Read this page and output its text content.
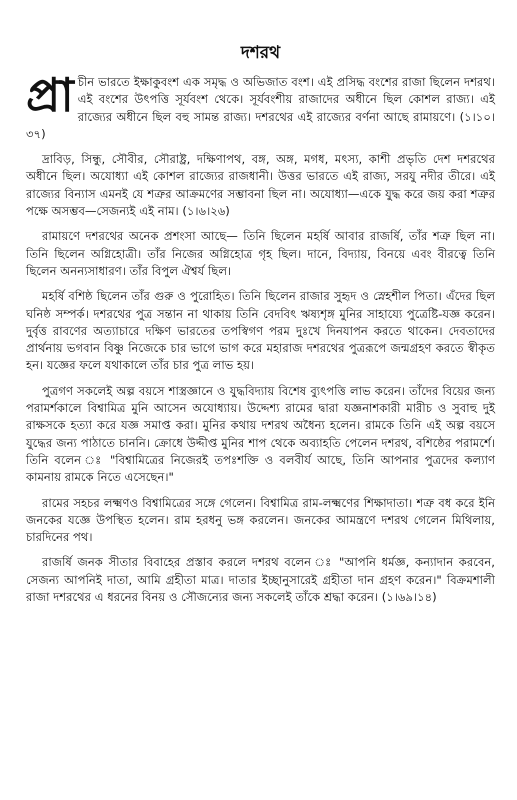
দশরথ

প্রা চীন ভারতে ইক্ষাকুবংশ এক সমৃদ্ধ ও অভিজাত বংশ। এই প্রসিদ্ধ বংশের রাজা ছিলেন দশরথ। এই বংশের উৎপত্তি সূর্যবংশ থেকে। সূর্যবংশীয় রাজাদের অধীনে ছিল কোশল রাজ্য। এই রাজ্যের অধীনে ছিল বহু সামন্ত রাজ্য। দশরথের এই রাজ্যের বর্ণনা আছে রামায়ণে। (১।১০।৩৭)

দ্রাবিড়, সিন্ধু, সৌবীর, সৌরাষ্ট্র, দক্ষিণাপথ, বঙ্গ, অঙ্গ, মগধ, মৎস্য, কাশী প্রভৃতি দেশ দশরথের অধীনে ছিল। অযোধ্যা এই কোশল রাজ্যের রাজধানী। উত্তর ভারতে এই রাজ্য, সরযু নদীর তীরে। এই রাজ্যের বিন্যাস এমনই যে শত্রুর আক্রমণের সম্ভাবনা ছিল না। অযোধ্যা—একে যুদ্ধ করে জয় করা শত্রুর পক্ষে অসম্ভব—সেজন্যই এই নাম। (১।৬।২৬)

রামায়ণে দশরথের অনেক প্রশংসা আছে— তিনি ছিলেন মহর্ষি আবার রাজর্ষি, তাঁর শত্রু ছিল না। তিনি ছিলেন অগ্নিহোত্রী। তাঁর নিজের অগ্নিহোত্র গৃহ ছিল। দানে, বিদ্যায়, বিনয়ে এবং বীরত্বে তিনি ছিলেন অনন্যসাধারণ। তাঁর বিপুল ঐশ্বর্য ছিল।

মহর্ষি বশিষ্ঠ ছিলেন তাঁর গুরু ও পুরোহিত। তিনি ছিলেন রাজার সুহৃদ ও স্নেহশীল পিতা। এঁদের ছিল ঘনিষ্ঠ সম্পর্ক। দশরথের পুত্র সন্তান না থাকায় তিনি বেদবিৎ ঋষ্যশৃঙ্গ মুনির সাহায্যে পুত্রেষ্টি-যজ্ঞ করেন। দুর্বৃত্ত রাবণের অত্যাচারে দক্ষিণ ভারতের তপস্বিগণ পরম দুঃখে দিনযাপন করতে থাকেন। দেবতাদের প্রার্থনায় ভগবান বিষ্ণু নিজেকে চার ভাগে ভাগ করে মহারাজ দশরথের পুত্ররূপে জন্মগ্রহণ করতে স্বীকৃত হন। যজ্ঞের ফলে যথাকালে তাঁর চার পুত্র লাভ হয়।

পুত্রগণ সকলেই অল্প বয়সে শাস্ত্রজ্ঞানে ও যুদ্ধবিদ্যায় বিশেষ ব্যুৎপত্তি লাভ করেন। তাঁদের বিয়ের জন্য পরামর্শকালে বিশ্বামিত্র মুনি আসেন অযোধ্যায়। উদ্দেশ্য রামের দ্বারা যজ্ঞনাশকারী মারীচ ও সুবাহু দুই রাক্ষসকে হত্যা করে যজ্ঞ সমাপ্ত করা। মুনির কথায় দশরথ অধৈন্য হলেন। রামকে তিনি এই অল্প বয়সে যুদ্ধের জন্য পাঠাতে চাননি। ক্রোধে উদ্দীপ্ত মুনির শাপ থেকে অব্যাহতি পেলেন দশরথ, বশিষ্ঠের পরামর্শে। তিনি বলেন ঃ "বিশ্বামিত্রের নিজেরই তপঃশক্তি ও বলবীর্য আছে, তিনি আপনার পুত্রদের কল্যাণ কামনায় রামকে নিতে এসেছেন।"

রামের সহচর লক্ষ্মণও বিশ্বামিত্রের সঙ্গে গেলেন। বিশ্বামিত্র রাম-লক্ষ্মণের শিক্ষাদাতা। শত্রু বধ করে ইনি জনকের যজ্ঞে উপস্থিত হলেন। রাম হরধনু ভঙ্গ করলেন। জনকের আমন্ত্রণে দশরথ গেলেন মিথিলায়, চারদিনের পথ।

রাজর্ষি জনক সীতার বিবাহের প্রস্তাব করলে দশরথ বলেন ঃ "আপনি ধর্মজ্ঞ, কন্যাদান করবেন, সেজন্য আপনিই দাতা, আমি গ্রহীতা মাত্র। দাতার ইচ্ছানুসারেই গ্রহীতা দান গ্রহণ করেন।" বিক্রমশালী রাজা দশরথের এ ধরনের বিনয় ও সৌজন্যের জন্য সকলেই তাঁকে শ্রদ্ধা করেন। (১।৬৯।১৪)
